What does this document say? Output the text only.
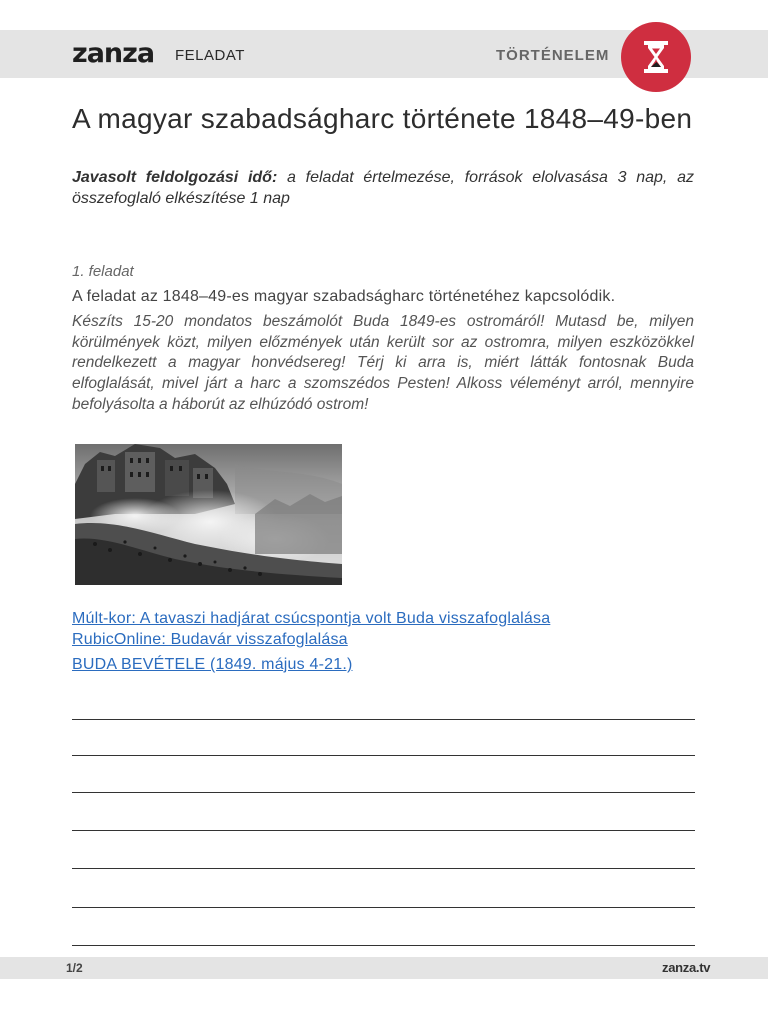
zanza FELADAT	TÖRTÉNELEM
A magyar szabadságharc története 1848–49-ben

Javasolt feldolgozási idő: a feladat értelmezése, források elolvasása 3 nap, az összefoglaló elkészítése 1 nap

1. feladat
A feladat az 1848–49-es magyar szabadságharc történetéhez kapcsolódik.

Készíts 15-20 mondatos beszámolót Buda 1849-es ostromáról! Mutasd be, milyen körülmények közt, milyen előzmények után került sor az ostromra, milyen eszközökkel rendelkezett a magyar honvédsereg! Térj ki arra is, miért látták fontosnak Buda elfoglalását, mivel járt a harc a szomszédos Pesten! Alkoss véleményt arról, mennyire befolyásolta a háborút az elhúzódó ostrom!

Múlt-kor: A tavaszi hadjárat csúcspontja volt Buda visszafoglalása
RubicOnline: Budavár visszafoglalása
BUDA BEVÉTELE (1849. május 4-21.)
1/2	zanza.tv
